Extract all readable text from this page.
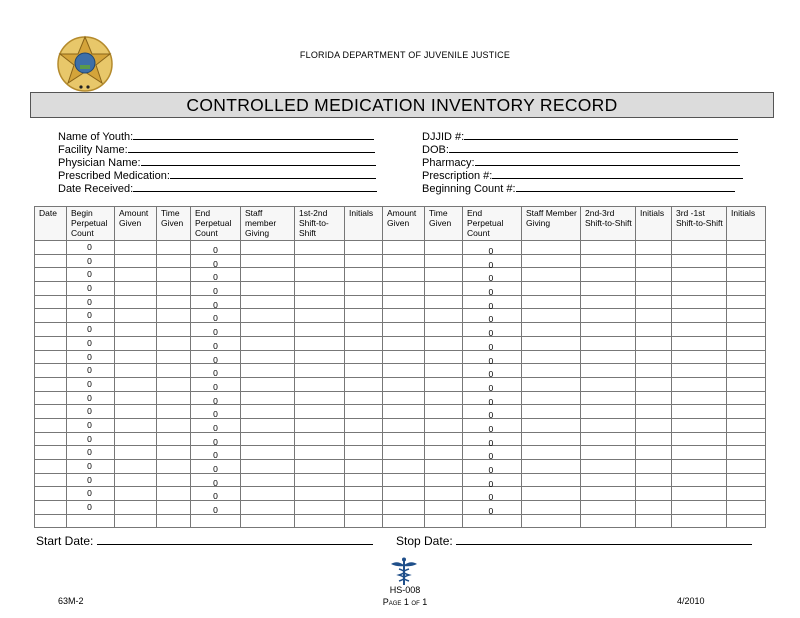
FLORIDA DEPARTMENT OF JUVENILE JUSTICE
CONTROLLED MEDICATION INVENTORY RECORD
Name of Youth:
Facility Name:
Physician Name:
Prescribed Medication:
Date Received:
DJJID #:
DOB:
Pharmacy:
Prescription #:
Beginning Count #:
Date	Begin Perpetual Count	Amount Given	Time Given	End Perpetual Count	Staff member Giving	1st-2nd Shift-to-Shift	Initials	Amount Given	Time Given	End Perpetual Count	Staff Member Giving	2nd-3rd Shift-to-Shift	Initials	3rd -1st Shift-to-Shift	Initials

	0			0						0					

	0			0						0					

	0			0						0					

	0			0						0					

	0			0						0					

	0			0						0					

	0			0						0					

	0			0						0					

	0			0						0					

	0			0						0					

	0			0						0					

	0			0						0					

	0			0						0					

	0			0						0					

	0			0						0					

	0			0						0					

	0			0						0					

	0			0						0					

	0			0						0					

	0			0						0					

Start Date:	Stop Date:
63M-2
HS-008
Page 1 of 1	4/2010
